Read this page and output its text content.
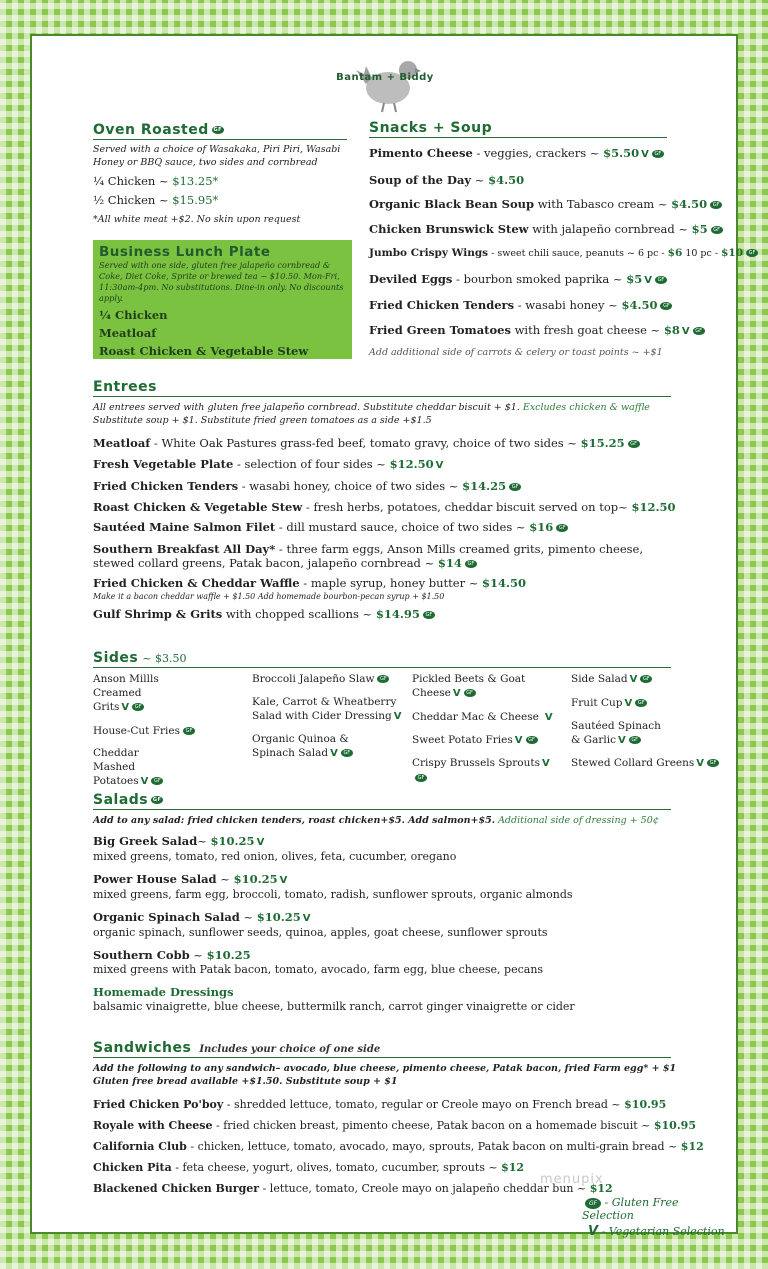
Bantam + Biddy
Oven Roasted GF
Served with a choice of Wasakaka, Piri Piri, Wasabi Honey or BBQ sauce, two sides and cornbread
¼ Chicken ~ $13.25*
½ Chicken ~ $15.95*
*All white meat +$2. No skin upon request
Business Lunch Plate
Served with one side, gluten free jalapeño cornbread & Coke, Diet Coke, Sprite or brewed tea ~ $10.50. Mon-Fri, 11:30am-4pm. No substitutions. Dine-in only. No discounts apply.
¼ Chicken
Meatloaf
Roast Chicken & Vegetable Stew
Snacks + Soup
Pimento Cheese - veggies, crackers ~ $5.50 V GF
Soup of the Day ~ $4.50
Organic Black Bean Soup with Tabasco cream ~ $4.50 GF
Chicken Brunswick Stew with jalapeño cornbread ~ $5 GF
Jumbo Crispy Wings - sweet chili sauce, peanuts ~ 6 pc - $6 10 pc - $10 GF
Deviled Eggs - bourbon smoked paprika ~ $5 V GF
Fried Chicken Tenders - wasabi honey ~ $4.50 GF
Fried Green Tomatoes with fresh goat cheese ~ $8 V GF
Add additional side of carrots & celery or toast points ~ +$1
Entrees
All entrees served with gluten free jalapeño cornbread. Substitute cheddar biscuit + $1. Excludes chicken & waffle
Substitute soup + $1. Substitute fried green tomatoes as a side +$1.5
Meatloaf - White Oak Pastures grass-fed beef, tomato gravy, choice of two sides ~ $15.25 GF
Fresh Vegetable Plate - selection of four sides ~ $12.50 V
Fried Chicken Tenders - wasabi honey, choice of two sides ~ $14.25 GF
Roast Chicken & Vegetable Stew - fresh herbs, potatoes, cheddar biscuit served on top~ $12.50
Sautéed Maine Salmon Filet - dill mustard sauce, choice of two sides ~ $16 GF
Southern Breakfast All Day* - three farm eggs, Anson Mills creamed grits, pimento cheese, stewed collard greens, Patak bacon, jalapeño cornbread ~ $14 GF
Fried Chicken & Cheddar Waffle - maple syrup, honey butter ~ $14.50
Make it a bacon cheddar waffle + $1.50 Add homemade bourbon-pecan syrup + $1.50
Gulf Shrimp & Grits with chopped scallions ~ $14.95 GF
Sides ~ $3.50
Anson Millls Creamed Grits V GF
House-Cut Fries GF
Cheddar Mashed Potatoes V GF
Broccoli Jalapeño Slaw GF
Kale, Carrot & Wheatberry Salad with Cider Dressing V
Organic Quinoa & Spinach Salad V GF
Pickled Beets & Goat Cheese V GF
Cheddar Mac & Cheese V
Sweet Potato Fries V GF
Crispy Brussels Sprouts VGF
Side Salad V GF
Fruit Cup V GF
Sautéed Spinach & Garlic V GF
Stewed Collard Greens V GF
Salads GF
Add to any salad: fried chicken tenders, roast chicken+$5. Add salmon+$5. Additional side of dressing + 50¢
Big Greek Salad~ $10.25 V
mixed greens, tomato, red onion, olives, feta, cucumber, oregano
Power House Salad ~ $10.25 V
mixed greens, farm egg, broccoli, tomato, radish, sunflower sprouts, organic almonds
Organic Spinach Salad ~ $10.25 V
organic spinach, sunflower seeds, quinoa, apples, goat cheese, sunflower sprouts
Southern Cobb ~ $10.25
mixed greens with Patak bacon, tomato, avocado, farm egg, blue cheese, pecans
Homemade Dressings
balsamic vinaigrette, blue cheese, buttermilk ranch, carrot ginger vinaigrette or cider
Sandwiches Includes your choice of one side
Add the following to any sandwich– avocado, blue cheese, pimento cheese, Patak bacon, fried Farm egg* + $1
Gluten free bread available +$1.50. Substitute soup + $1
Fried Chicken Po'boy - shredded lettuce, tomato, regular or Creole mayo on French bread ~ $10.95
Royale with Cheese - fried chicken breast, pimento cheese, Patak bacon on a homemade biscuit ~ $10.95
California Club - chicken, lettuce, tomato, avocado, mayo, sprouts, Patak bacon on multi-grain bread ~ $12
Chicken Pita - feta cheese, yogurt, olives, tomato, cucumber, sprouts ~ $12
Blackened Chicken Burger - lettuce, tomato, Creole mayo on jalapeño cheddar bun ~ $12
menupix
GF - Gluten Free Selection
V - Vegetarian Selection
